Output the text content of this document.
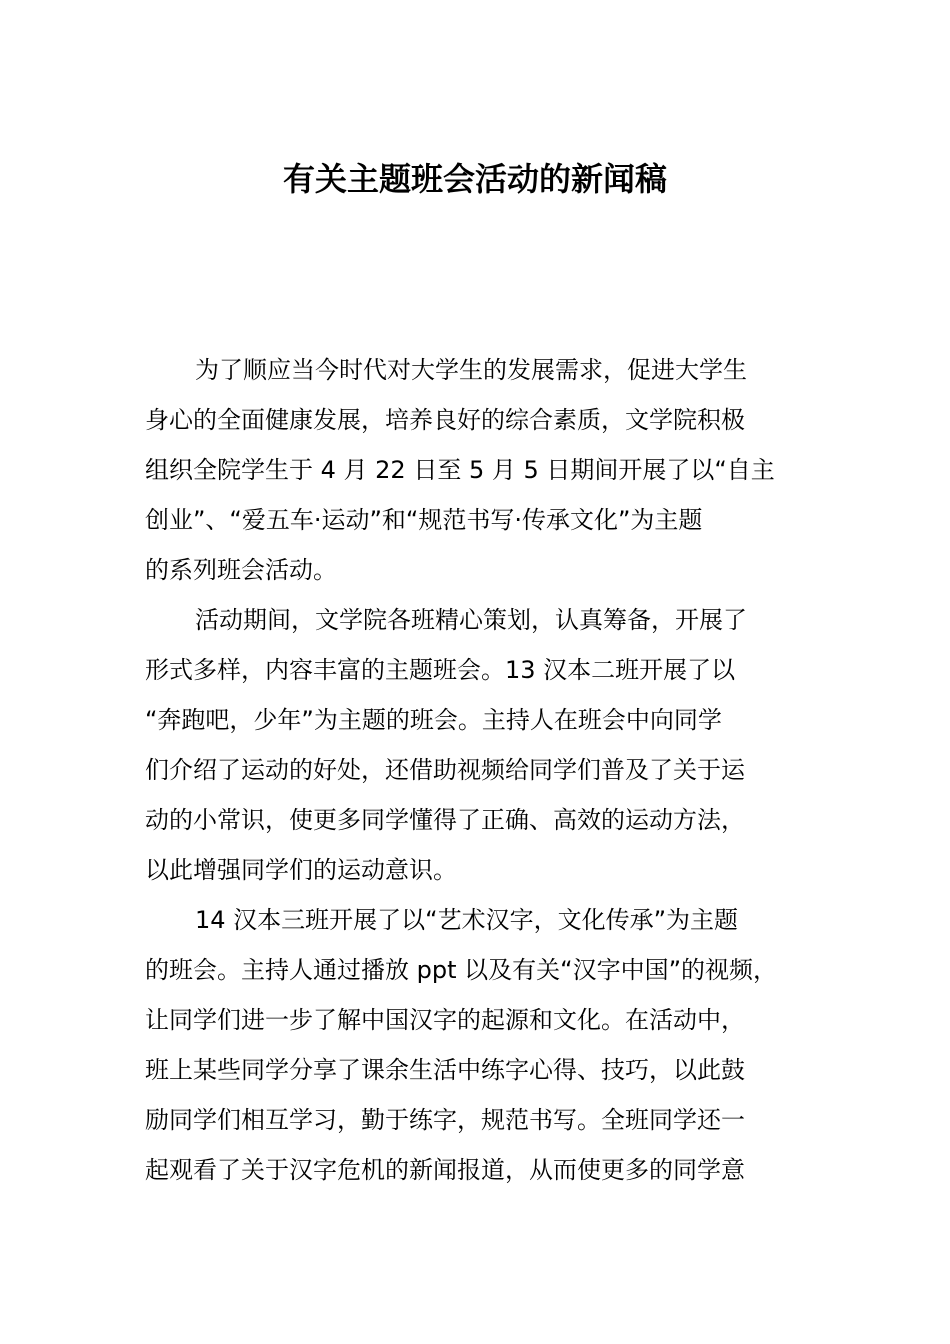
有关主题班会活动的新闻稿
为了顺应当今时代对大学生的发展需求，促进大学生
身心的全面健康发展，培养良好的综合素质，文学院积极
组织全院学生于 4 月 22 日至 5 月 5 日期间开展了以“自主
创业”、“爱五车·运动”和“规范书写·传承文化”为主题
的系列班会活动。
活动期间，文学院各班精心策划，认真筹备，开展了
形式多样，内容丰富的主题班会。13 汉本二班开展了以
“奔跑吧，少年”为主题的班会。主持人在班会中向同学
们介绍了运动的好处，还借助视频给同学们普及了关于运
动的小常识，使更多同学懂得了正确、高效的运动方法，
以此增强同学们的运动意识。
14 汉本三班开展了以“艺术汉字，文化传承”为主题
的班会。主持人通过播放 ppt 以及有关“汉字中国”的视频，
让同学们进一步了解中国汉字的起源和文化。在活动中，
班上某些同学分享了课余生活中练字心得、技巧，以此鼓
励同学们相互学习，勤于练字，规范书写。全班同学还一
起观看了关于汉字危机的新闻报道，从而使更多的同学意
